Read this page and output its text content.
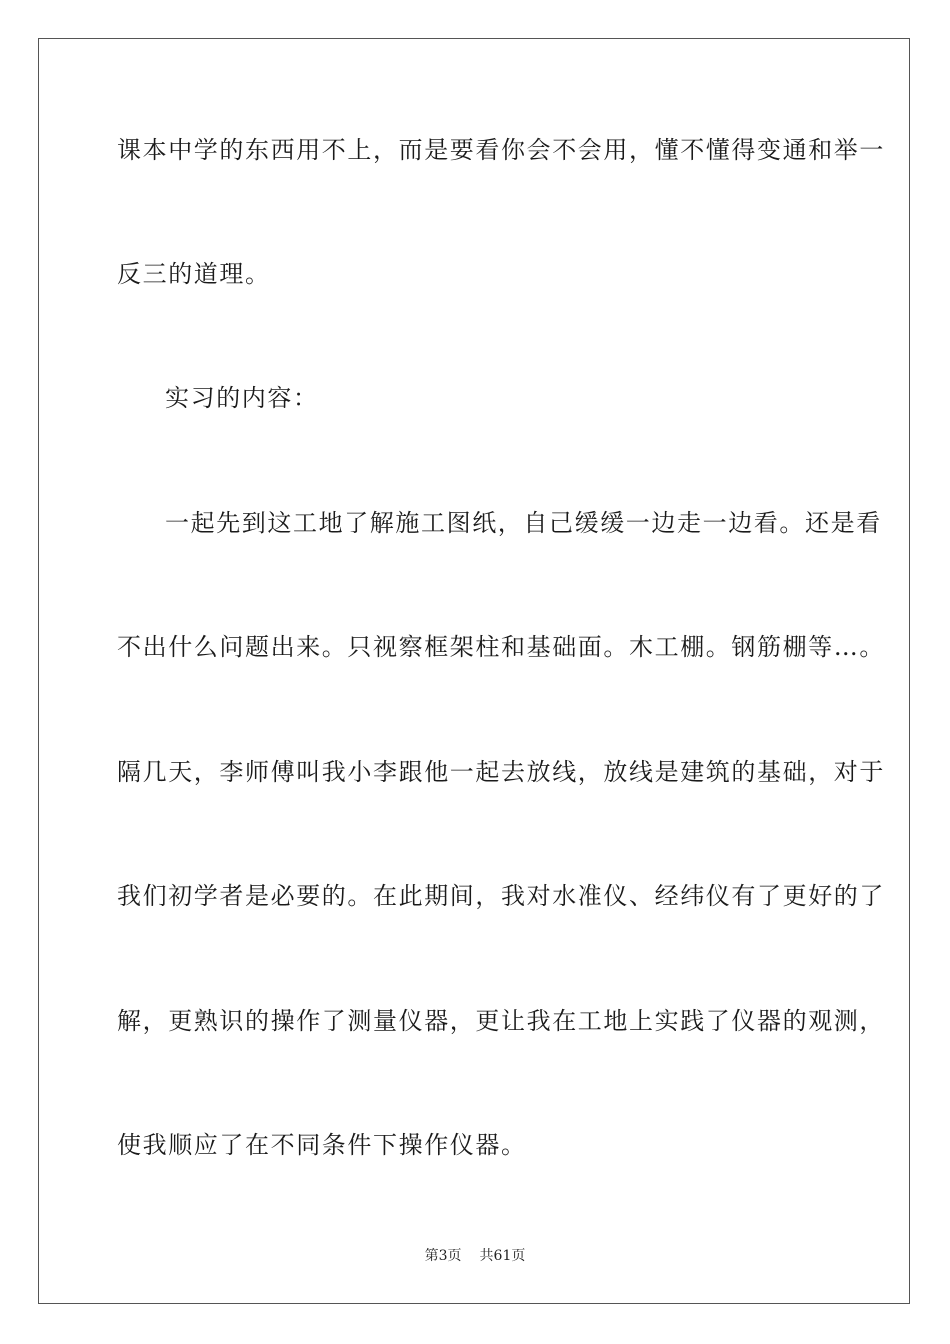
课本中学的东西用不上，而是要看你会不会用，懂不懂得变通和举一
反三的道理。
实习的内容：
一起先到这工地了解施工图纸，自己缓缓一边走一边看。还是看
不出什么问题出来。只视察框架柱和基础面。木工棚。钢筋棚等…。
隔几天，李师傅叫我小李跟他一起去放线，放线是建筑的基础，对于
我们初学者是必要的。在此期间，我对水准仪、经纬仪有了更好的了
解，更熟识的操作了测量仪器，更让我在工地上实践了仪器的观测，
使我顺应了在不同条件下操作仪器。
第3页 共61页
